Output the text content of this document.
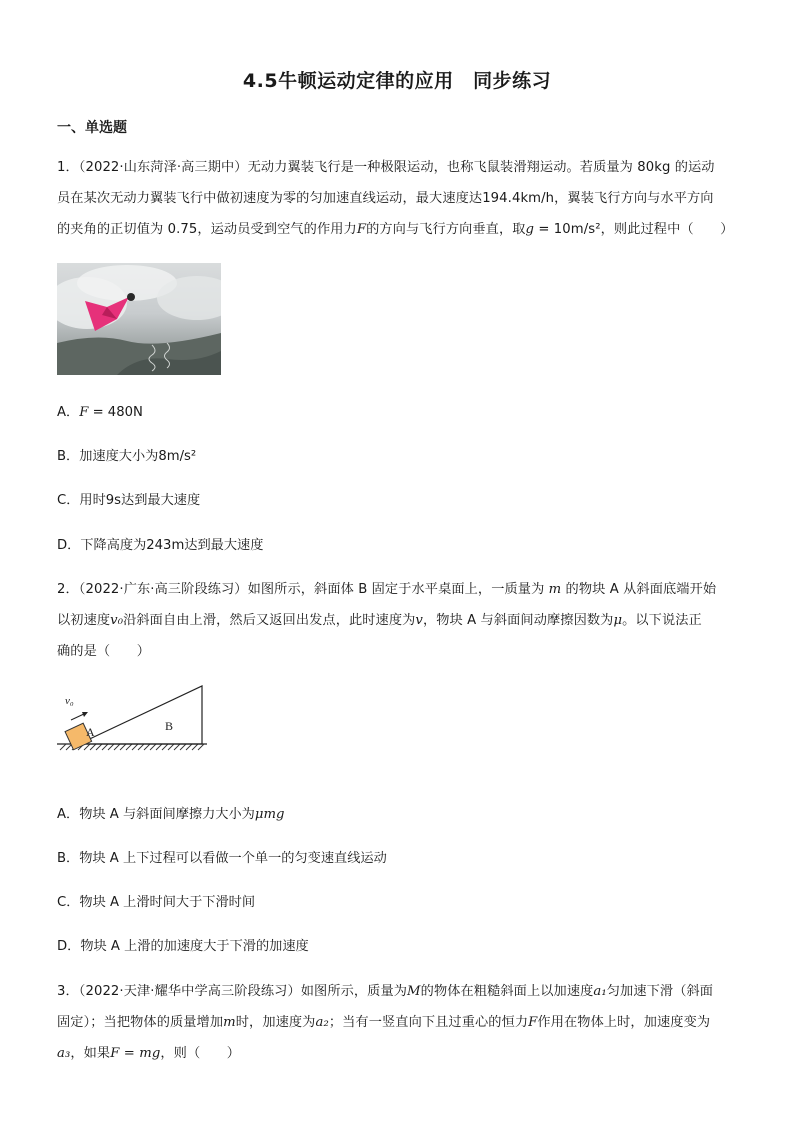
4.5牛顿运动定律的应用　同步练习
一、单选题
1．（2022·山东菏泽·高三期中）无动力翼装飞行是一种极限运动，也称飞鼠装滑翔运动。若质量为 80kg 的运动
员在某次无动力翼装飞行中做初速度为零的匀加速直线运动，最大速度达194.4km/h，翼装飞行方向与水平方向
的夹角的正切值为 0.75，运动员受到空气的作用力F的方向与飞行方向垂直，取g = 10m/s²，则此过程中（　　）
A．F = 480N
B．加速度大小为8m/s²
C．用时9s达到最大速度
D．下降高度为243m达到最大速度
2．（2022·广东·高三阶段练习）如图所示，斜面体 B 固定于水平桌面上，一质量为 m 的物块 A 从斜面底端开始
以初速度v₀沿斜面自由上滑，然后又返回出发点，此时速度为v，物块 A 与斜面间动摩擦因数为μ。以下说法正
确的是（　　）
A	B
v₀
A．物块 A 与斜面间摩擦力大小为μmg
B．物块 A 上下过程可以看做一个单一的匀变速直线运动
C．物块 A 上滑时间大于下滑时间
D．物块 A 上滑的加速度大于下滑的加速度
3．（2022·天津·耀华中学高三阶段练习）如图所示，质量为M的物体在粗糙斜面上以加速度a₁匀加速下滑（斜面
固定）；当把物体的质量增加m时，加速度为a₂；当有一竖直向下且过重心的恒力F作用在物体上时，加速度变为
a₃，如果F = mg，则（　　）
